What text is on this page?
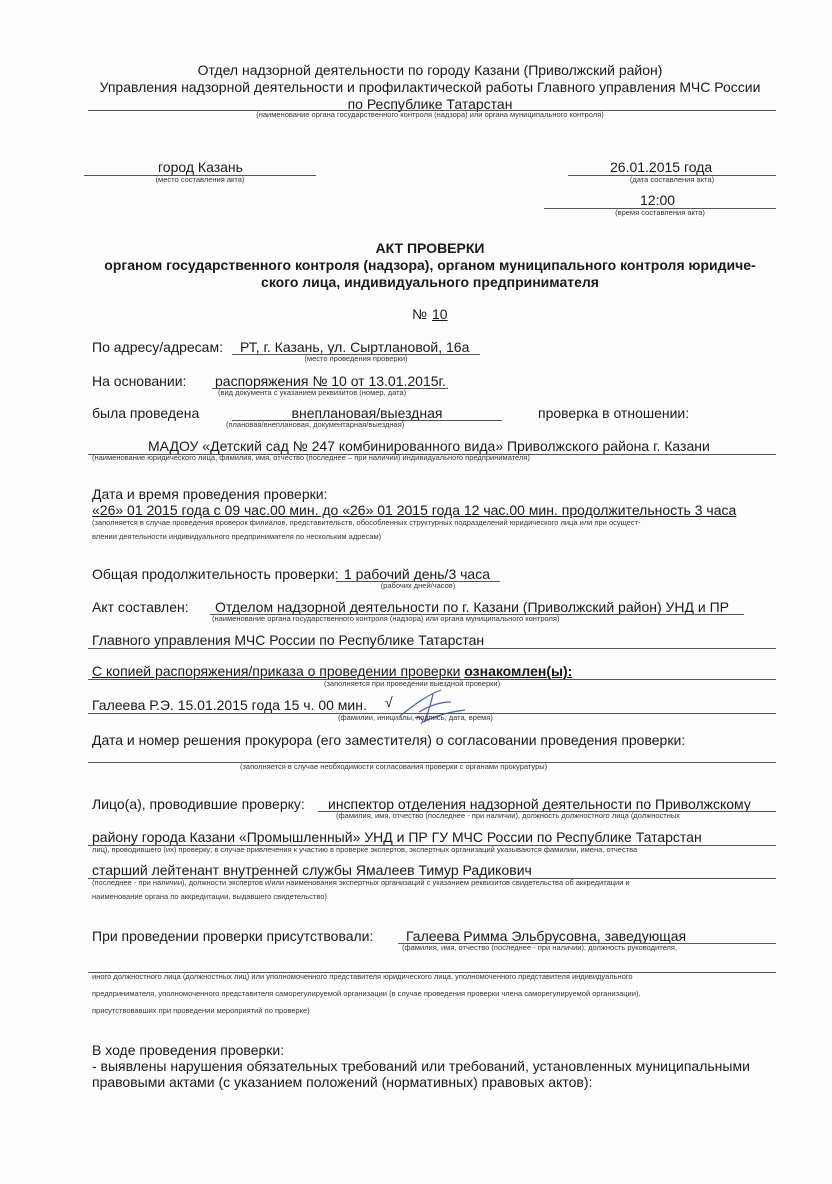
Отдел надзорной деятельности по городу Казани (Приволжский район)
Управления надзорной деятельности и профилактической работы Главного управления МЧС России
по Республике Татарстан
(наименование органа государственного контроля (надзора) или органа муниципального контроля)
город Казань
(место составления акта)
26.01.2015 года
(дата составления акта)
12:00
(время составления акта)
АКТ ПРОВЕРКИ
органом государственного контроля (надзора), органом муниципального контроля юридиче-
ского лица, индивидуального предпринимателя
№ 10
По адресу/адресам: РТ, г. Казань, ул. Сыртлановой, 16а
(место проведения проверки)
На основании: распоряжения № 10 от 13.01.2015г.
(вид документа с указанием реквизитов (номер, дата)
была проведена	внеплановая/выездная
(плановая/внеплановая, документарная/выездная)
проверка в отношении:
МАДОУ «Детский сад № 247 комбинированного вида» Приволжского района г. Казани
(наименование юридического лица, фамилия, имя, отчество (последнее – при наличии) индивидуального предпринимателя)
Дата и время проведения проверки:
«26» 01 2015 года с 09 час.00 мин. до «26» 01 2015 года 12 час.00 мин. продолжительность 3 часа
(заполняется в случае проведения проверок филиалов, представительств, обособленных структурных подразделений юридического лица или при осущест-
влении деятельности индивидуального предпринимателя по нескольким адресам)
Общая продолжительность проверки: 1 рабочий день/3 часа
(рабочих дней/часов)
Акт составлен: Отделом надзорной деятельности по г. Казани (Приволжский район) УНД и ПР
(наименование органа государственного контроля (надзора) или органа муниципального контроля)
Главного управления МЧС России по Республике Татарстан
С копией распоряжения/приказа о проведении проверки ознакомлен(ы):
(заполняется при проведении выездной проверки)
Галеева Р.Э. 15.01.2015 года 15 ч. 00 мин. √
(фамилии, инициалы, подпись, дата, время)
Дата и номер решения прокурора (его заместителя) о согласовании проведения проверки:
(заполняется в случае необходимости согласования проверки с органами прокуратуры)
Лицо(а), проводившие проверку: инспектор отделения надзорной деятельности по Приволжскому
(фамилия, имя, отчество (последнее - при наличии), должность должностного лица (должностных
району города Казани «Промышленный» УНД и ПР ГУ МЧС России по Республике Татарстан
лиц), проводившего (их) проверку; в случае привлечения к участию в проверке экспертов, экспертных организаций указываются фамилии, имена, отчества
старший лейтенант внутренней службы Ямалеев Тимур Радикович
(последнее - при наличии), должности экспертов и/или наименования экспертных организаций с указанием реквизитов свидетельства об аккредитации и
наименование органа по аккредитации, выдавшего свидетельство)
При проведении проверки присутствовали: Галеева Римма Эльбрусовна, заведующая
(фамилия, имя, отчество (последнее - при наличии), должность руководителя,
иного должностного лица (должностных лиц) или уполномоченного представителя юридического лица, уполномоченного представителя индивидуального
предпринимателя, уполномоченного представителя саморегулируемой организации (в случае проведения проверки члена саморегулируемой организации),
присутствовавших при проведении мероприятий по проверке)
В ходе проведения проверки:
- выявлены нарушения обязательных требований или требований, установленных муниципальными
правовыми актами (с указанием положений (нормативных) правовых актов):
